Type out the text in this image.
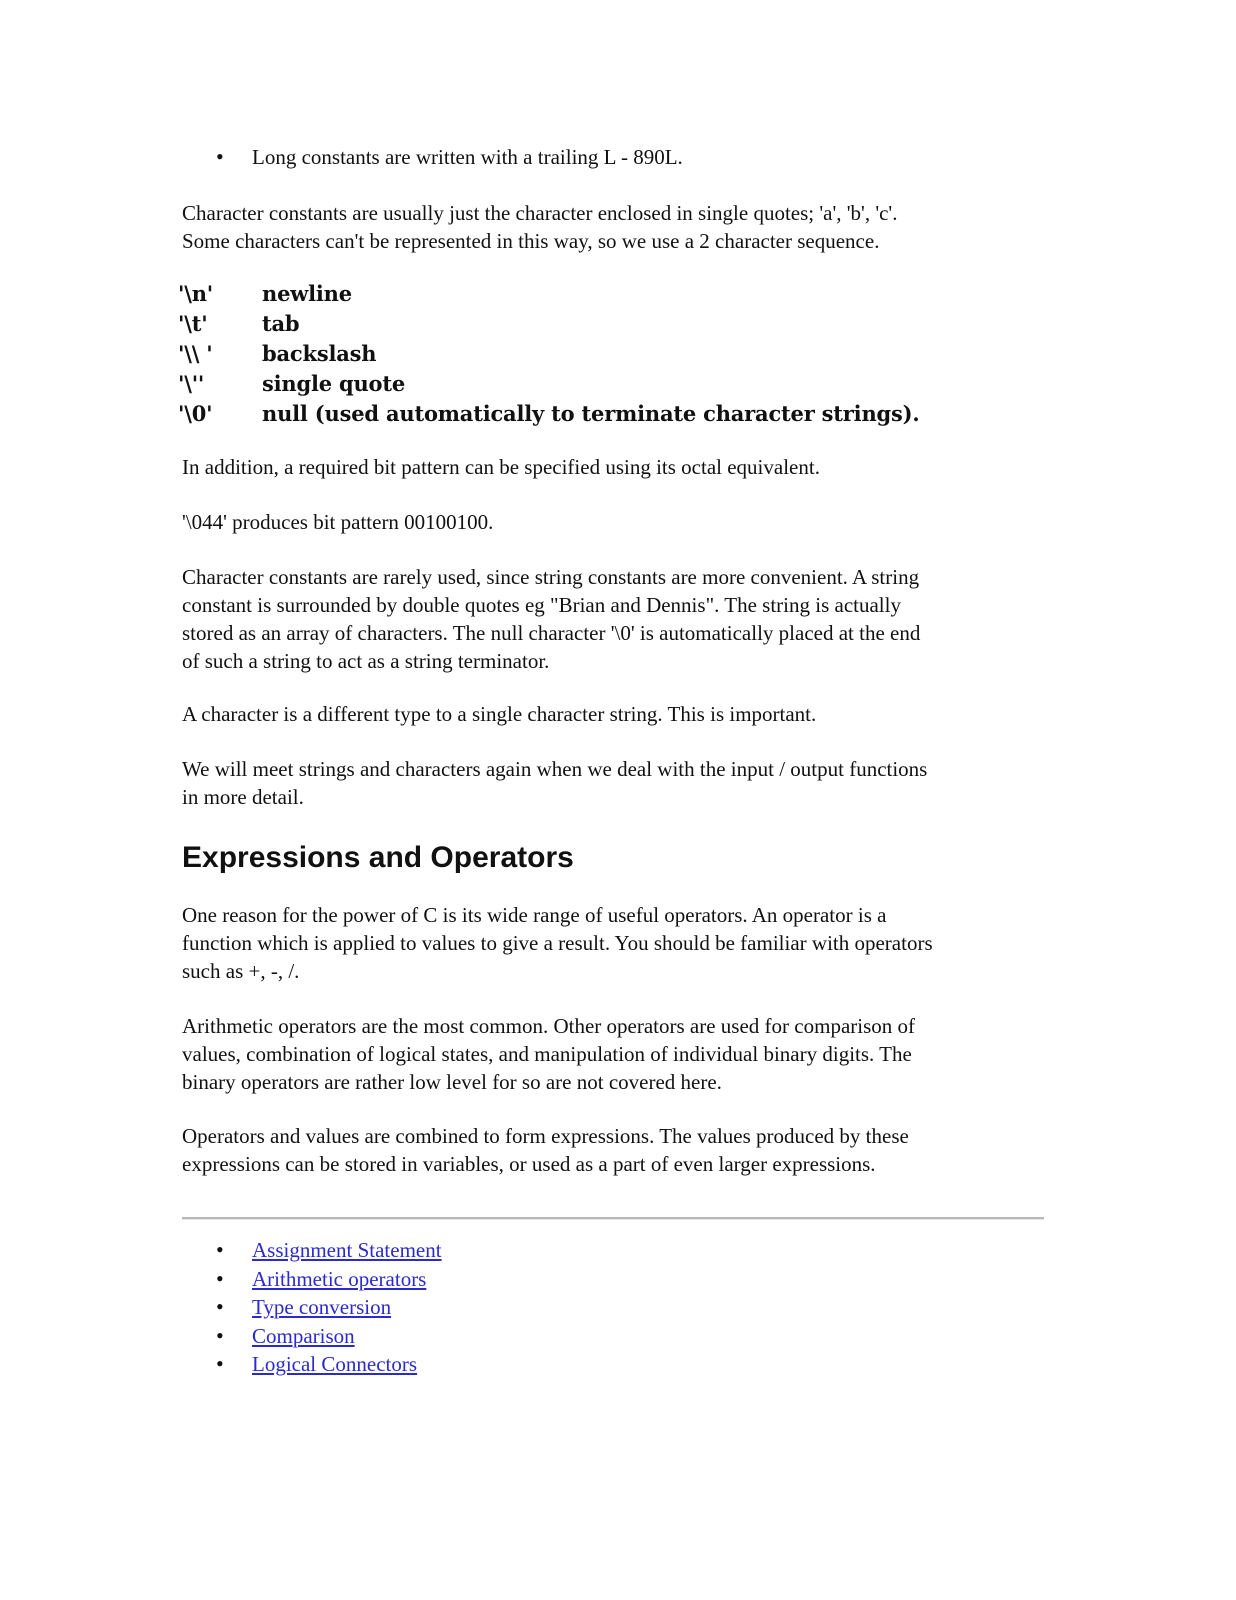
• Long constants are written with a trailing L - 890L.

Character constants are usually just the character enclosed in single quotes; 'a', 'b', 'c'.
Some characters can't be represented in this way, so we use a 2 character sequence.

'\n'	newline
'\t'	tab
'\\ '	backslash
'\''	single quote
'\0'	null (used automatically to terminate character strings).

In addition, a required bit pattern can be specified using its octal equivalent.

'\044' produces bit pattern 00100100.

Character constants are rarely used, since string constants are more convenient. A string
constant is surrounded by double quotes eg "Brian and Dennis". The string is actually
stored as an array of characters. The null character '\0' is automatically placed at the end
of such a string to act as a string terminator.

A character is a different type to a single character string. This is important.

We will meet strings and characters again when we deal with the input / output functions
in more detail.

Expressions and Operators

One reason for the power of C is its wide range of useful operators. An operator is a
function which is applied to values to give a result. You should be familiar with operators
such as +, -, /.

Arithmetic operators are the most common. Other operators are used for comparison of
values, combination of logical states, and manipulation of individual binary digits. The
binary operators are rather low level for so are not covered here.

Operators and values are combined to form expressions. The values produced by these
expressions can be stored in variables, or used as a part of even larger expressions.

• Assignment Statement
• Arithmetic operators
• Type conversion
• Comparison
• Logical Connectors
